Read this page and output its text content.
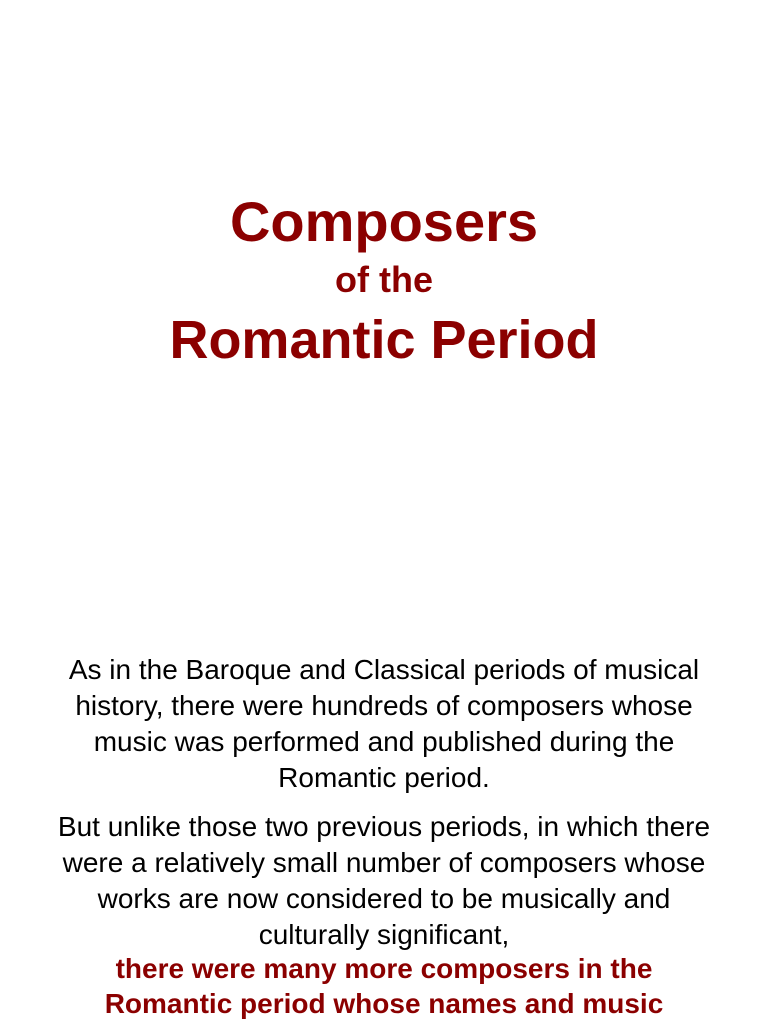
Composers
of the
Romantic Period
As in the Baroque and Classical periods of musical history, there were hundreds of composers whose music was performed and published during the Romantic period.
But unlike those two previous periods, in which there were a relatively small number of composers whose works are now considered to be musically and culturally significant,
there were many more composers in the
Romantic period whose names and music
